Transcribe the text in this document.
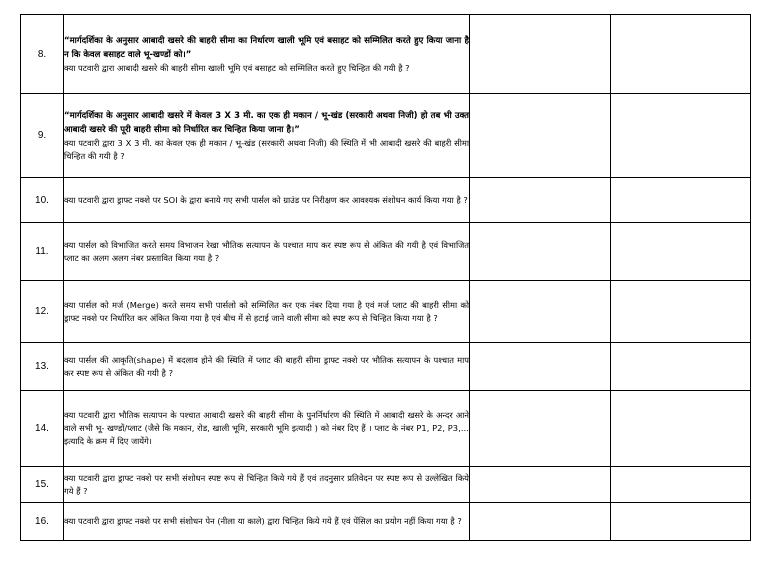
8.	“मार्गदर्शिका के अनुसार आबादी खसरे की बाहरी सीमा का निर्धारण खाली भूमि एवं बसाहट को सम्मिलित करते हुए किया जाना है न कि केवल बसाहट वाले भू-खण्डों को।”
क्या पटवारी द्वारा आबादी खसरे की बाहरी सीमा खाली भूमि एवं बसाहट को सम्मिलित करते हुए चिन्हित की गयी है ?		

9.	“मार्गदर्शिका के अनुसार आबादी खसरे में केवल 3 X 3 मी. का एक ही मकान / भू-खंड (सरकारी अथवा निजी) हो तब भी उक्त आबादी खसरे की पूरी बाहरी सीमा को निर्धारित कर चिन्हित किया जाना है।”
क्या पटवारी द्वारा 3 X 3 मी. का केवल एक ही मकान / भू-खंड (सरकारी अथवा निजी) की स्थिति में भी आबादी खसरे की बाहरी सीमा चिन्हित की गयी है ?		

10.	क्या पटवारी द्वारा ड्राफ्ट नक्शे पर SOI के द्वारा बनाये गए सभी पार्सल को ग्राउंड पर निरीक्षण कर आवश्यक संशोधन कार्य किया गया है ?		

11.	क्या पार्सल को विभाजित करते समय विभाजन रेखा भौतिक सत्यापन के पश्चात माप कर स्पष्ट रूप से अंकित की गयी है एवं विभाजित प्लाट का अलग अलग नंबर प्रस्तावित किया गया है ?		

12.	क्या पार्सल को मर्ज (Merge) करते समय सभी पार्सलो को सम्मिलित कर एक नंबर दिया गया है एवं मर्ज प्लाट की बाहरी सीमा को ड्राफ्ट नक्शे पर निर्धारित कर अंकित किया गया है एवं बीच में से हटाई जाने वाली सीमा को स्पष्ट रूप से चिन्हित किया गया है ?		

13.	क्या पार्सल की आकृति(shape) में बदलाव होने की स्थिति में प्लाट की बाहरी सीमा ड्राफ्ट नक्शे पर भौतिक सत्यापन के पश्चात माप कर स्पष्ट रूप से अंकित की गयी है ?		

14.	क्या पटवारी द्वारा भौतिक सत्यापन के पश्चात आबादी खसरे की बाहरी सीमा के पुनर्निर्धारण की स्थिति में आबादी खसरे के अन्दर आने वाले सभी भू- खण्डों/प्लाट (जैसे कि मकान, रोड, खाली भूमि, सरकारी भूमि इत्यादी ) को नंबर दिए हैं । प्लाट के नंबर P1, P2, P3,…इत्यादि के क्रम में दिए जायेंगे।		

15.	क्या पटवारी द्वारा ड्राफ्ट नक्शे पर सभी संशोधन स्पष्ट रूप से चिन्हित किये गये हैं एवं तदनुसार प्रतिवेदन पर स्पष्ट रूप से उल्लेखित किये गये हैं ?		

16.	क्या पटवारी द्वारा ड्राफ्ट नक्शे पर सभी संशोधन पेन (नीला या काले) द्वारा चिन्हित किये गये हैं एवं पेंसिल का प्रयोग नहीं किया गया है ?		
